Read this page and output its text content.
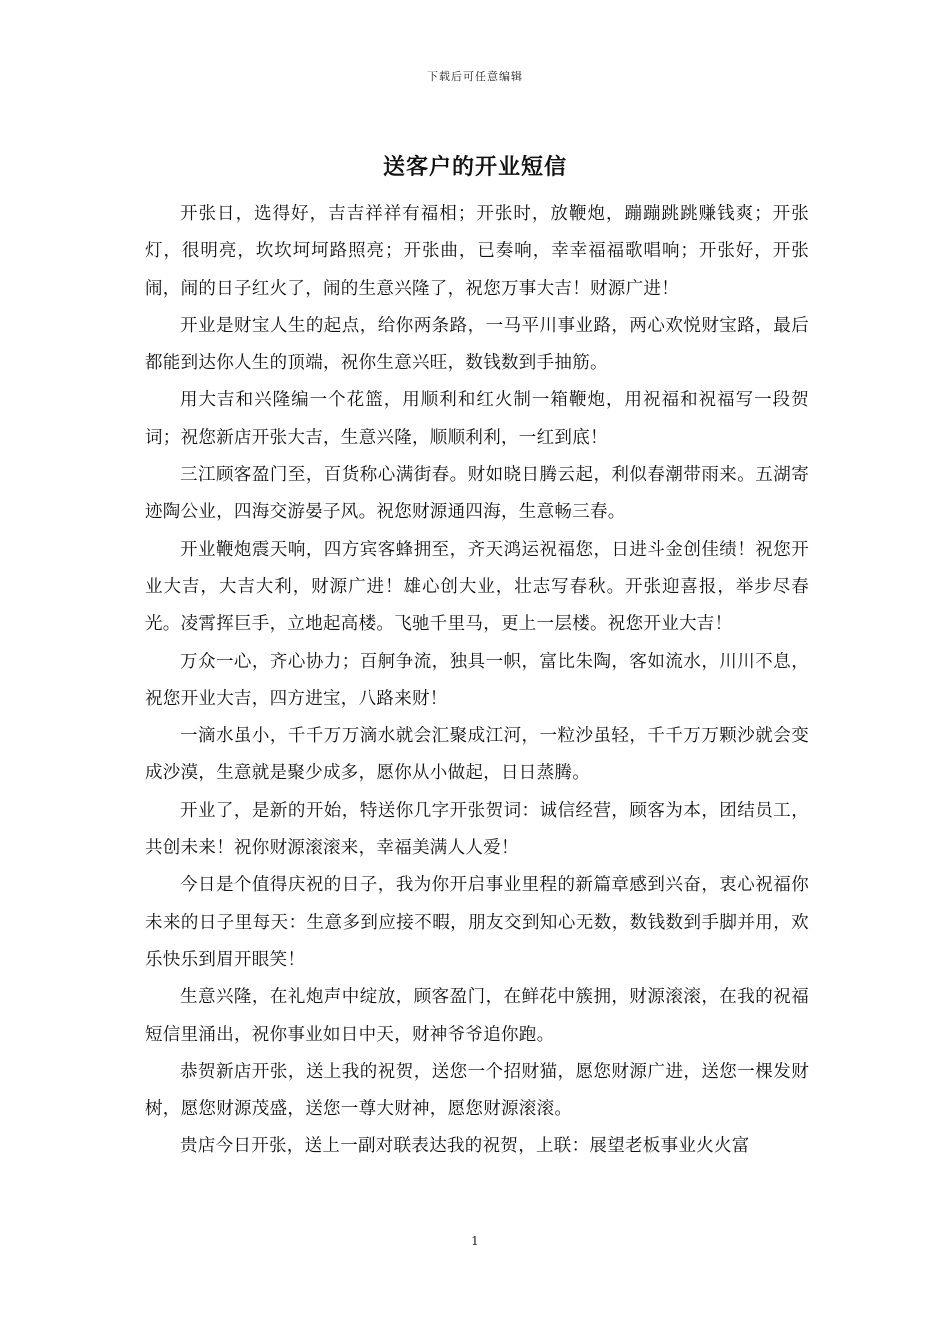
下载后可任意编辑
送客户的开业短信

开张日，选得好，吉吉祥祥有福相；开张时，放鞭炮，蹦蹦跳跳赚钱爽；开张灯，很明亮，坎坎坷坷路照亮；开张曲，已奏响，幸幸福福歌唱响；开张好，开张闹，闹的日子红火了，闹的生意兴隆了，祝您万事大吉！财源广进！

开业是财宝人生的起点，给你两条路，一马平川事业路，两心欢悦财宝路，最后都能到达你人生的顶端，祝你生意兴旺，数钱数到手抽筋。

用大吉和兴隆编一个花篮，用顺利和红火制一箱鞭炮，用祝福和祝福写一段贺词；祝您新店开张大吉，生意兴隆，顺顺利利，一红到底！

三江顾客盈门至，百货称心满街春。财如晓日腾云起，利似春潮带雨来。五湖寄迹陶公业，四海交游晏子风。祝您财源通四海，生意畅三春。

开业鞭炮震天响，四方宾客蜂拥至，齐天鸿运祝福您，日进斗金创佳绩！祝您开业大吉，大吉大利，财源广进！雄心创大业，壮志写春秋。开张迎喜报，举步尽春光。凌霄挥巨手，立地起高楼。飞驰千里马，更上一层楼。祝您开业大吉！

万众一心，齐心协力；百舸争流，独具一帜，富比朱陶，客如流水，川川不息，祝您开业大吉，四方进宝，八路来财！

一滴水虽小，千千万万滴水就会汇聚成江河，一粒沙虽轻，千千万万颗沙就会变成沙漠，生意就是聚少成多，愿你从小做起，日日蒸腾。

开业了，是新的开始，特送你几字开张贺词：诚信经营，顾客为本，团结员工，共创未来！祝你财源滚滚来，幸福美满人人爱！

今日是个值得庆祝的日子，我为你开启事业里程的新篇章感到兴奋，衷心祝福你未来的日子里每天：生意多到应接不暇，朋友交到知心无数，数钱数到手脚并用，欢乐快乐到眉开眼笑！

生意兴隆，在礼炮声中绽放，顾客盈门，在鲜花中簇拥，财源滚滚，在我的祝福短信里涌出，祝你事业如日中天，财神爷爷追你跑。

恭贺新店开张，送上我的祝贺，送您一个招财猫，愿您财源广进，送您一棵发财树，愿您财源茂盛，送您一尊大财神，愿您财源滚滚。

贵店今日开张，送上一副对联表达我的祝贺，上联：展望老板事业火火富

1
